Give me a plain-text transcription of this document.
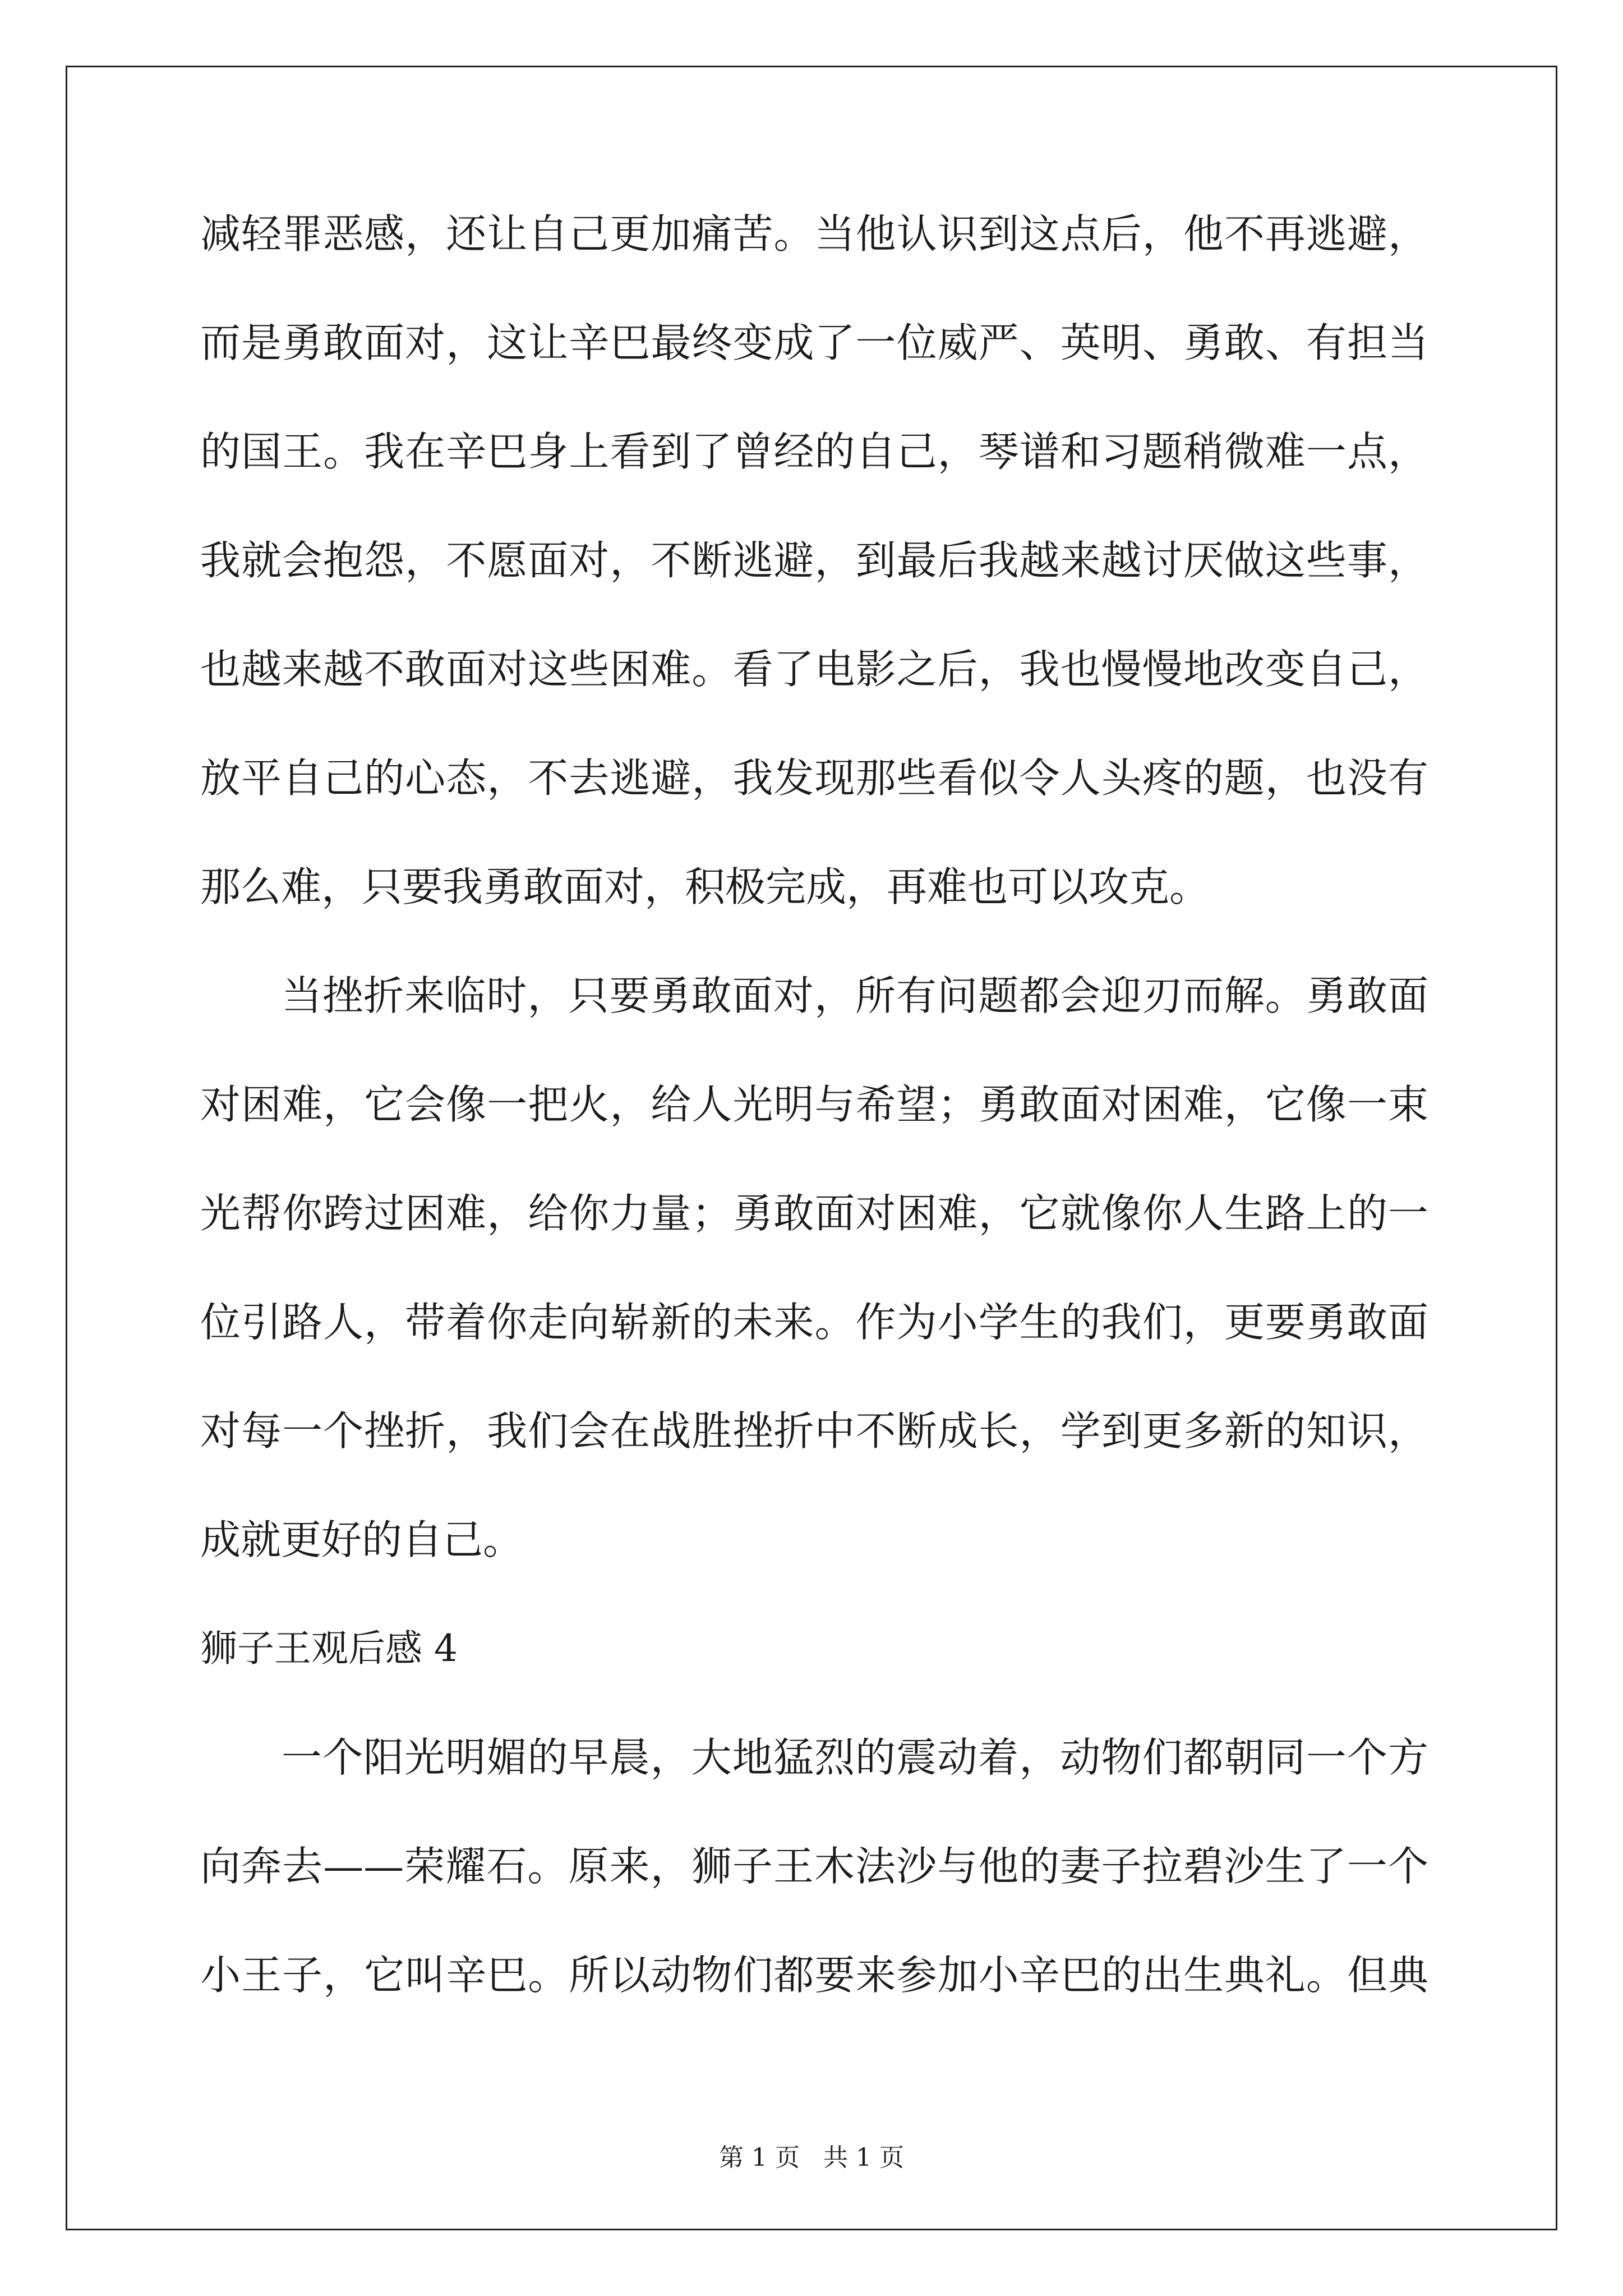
减轻罪恶感，还让自己更加痛苦。当他认识到这点后，他不再逃避，
而是勇敢面对，这让辛巴最终变成了一位威严、英明、勇敢、有担当
的国王。我在辛巴身上看到了曾经的自己，琴谱和习题稍微难一点，
我就会抱怨，不愿面对，不断逃避，到最后我越来越讨厌做这些事，
也越来越不敢面对这些困难。看了电影之后，我也慢慢地改变自己，
放平自己的心态，不去逃避，我发现那些看似令人头疼的题，也没有
那么难，只要我勇敢面对，积极完成，再难也可以攻克。
当挫折来临时，只要勇敢面对，所有问题都会迎刃而解。勇敢面
对困难，它会像一把火，给人光明与希望；勇敢面对困难，它像一束
光帮你跨过困难，给你力量；勇敢面对困难，它就像你人生路上的一
位引路人，带着你走向崭新的未来。作为小学生的我们，更要勇敢面
对每一个挫折，我们会在战胜挫折中不断成长，学到更多新的知识，
成就更好的自己。
狮子王观后感 4
一个阳光明媚的早晨，大地猛烈的震动着，动物们都朝同一个方
向奔去——荣耀石。原来，狮子王木法沙与他的妻子拉碧沙生了一个
小王子，它叫辛巴。所以动物们都要来参加小辛巴的出生典礼。但典
第 1 页   共 1 页
